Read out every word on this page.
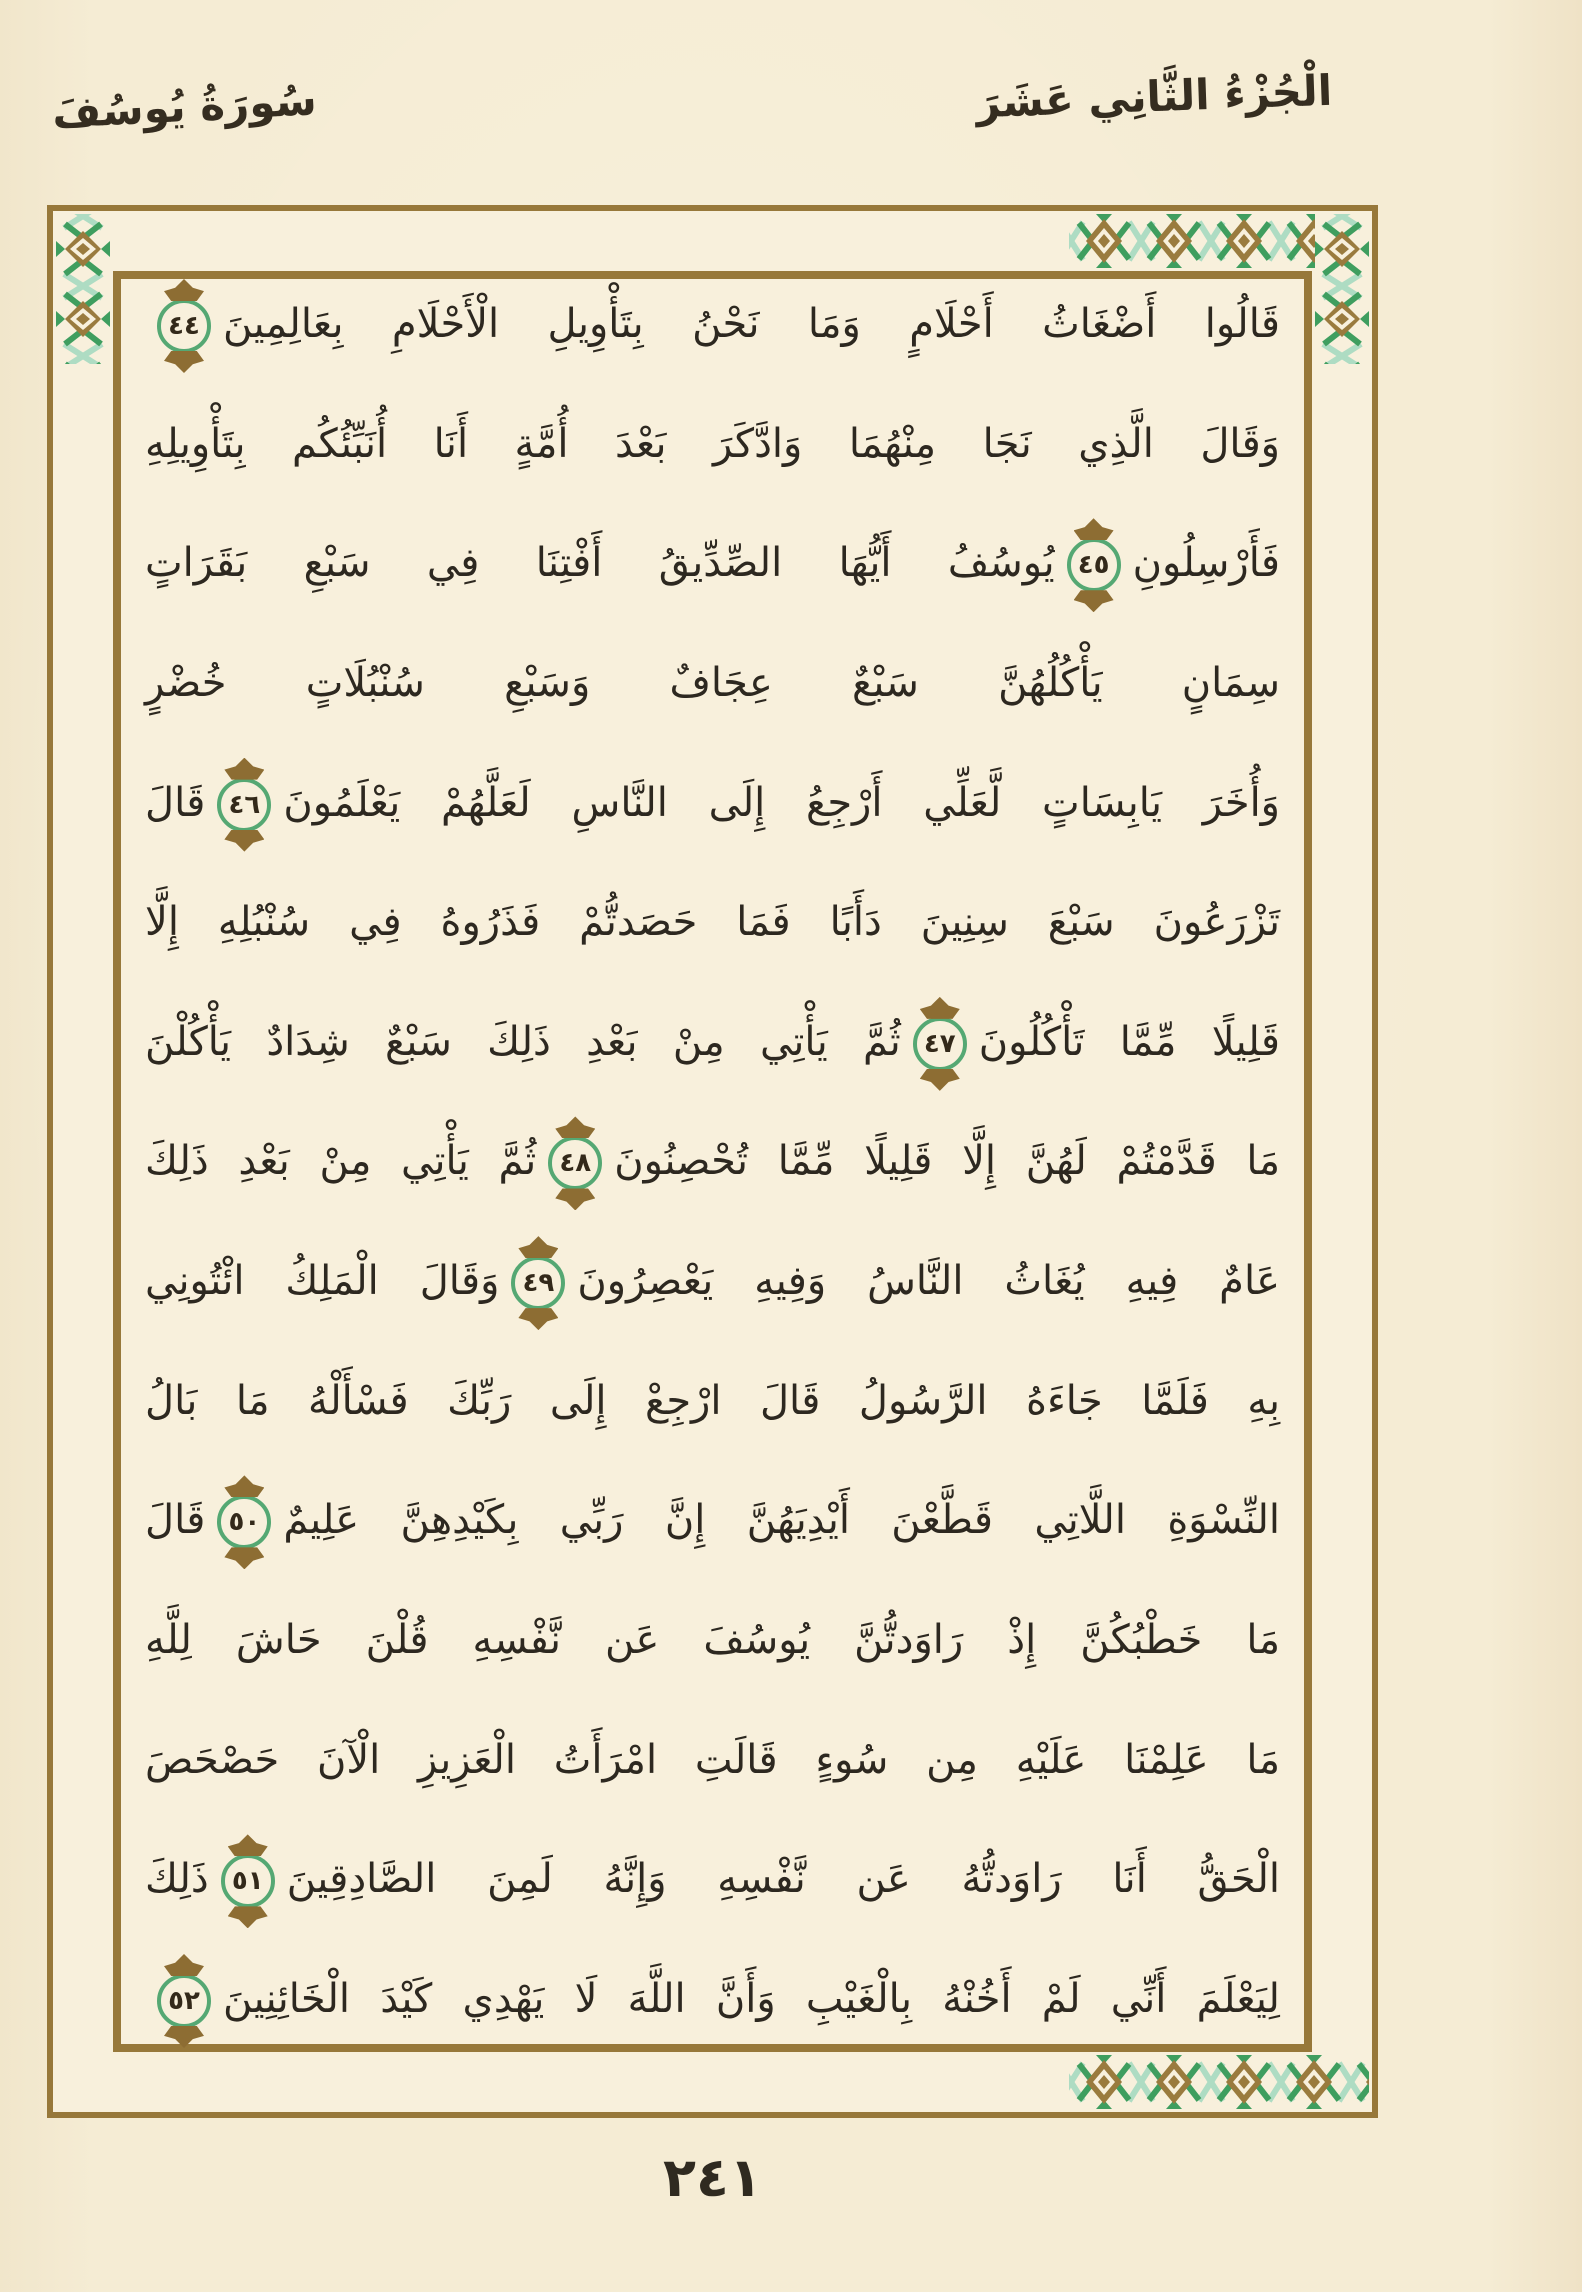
سُورَةُ يُوسُفَ	الْجُزْءُ الثَّانِي عَشَرَ
قَالُوا أَضْغَاثُ أَحْلَامٍ وَمَا نَحْنُ بِتَأْوِيلِ الْأَحْلَامِ بِعَالِمِينَ
٤٤
وَقَالَ الَّذِي نَجَا مِنْهُمَا وَادَّكَرَ بَعْدَ أُمَّةٍ أَنَا أُنَبِّئُكُم بِتَأْوِيلِهِ
فَأَرْسِلُونِ
٤٥
يُوسُفُ أَيُّهَا الصِّدِّيقُ أَفْتِنَا فِي سَبْعِ بَقَرَاتٍ
سِمَانٍ يَأْكُلُهُنَّ سَبْعٌ عِجَافٌ وَسَبْعِ سُنْبُلَاتٍ خُضْرٍ
وَأُخَرَ يَابِسَاتٍ لَّعَلِّي أَرْجِعُ إِلَى النَّاسِ لَعَلَّهُمْ يَعْلَمُونَ
٤٦
قَالَ
تَزْرَعُونَ سَبْعَ سِنِينَ دَأَبًا فَمَا حَصَدتُّمْ فَذَرُوهُ فِي سُنْبُلِهِ إِلَّا
قَلِيلًا مِّمَّا تَأْكُلُونَ
٤٧
ثُمَّ يَأْتِي مِنْ بَعْدِ ذَلِكَ سَبْعٌ شِدَادٌ يَأْكُلْنَ
مَا قَدَّمْتُمْ لَهُنَّ إِلَّا قَلِيلًا مِّمَّا تُحْصِنُونَ
٤٨
ثُمَّ يَأْتِي مِنْ بَعْدِ ذَلِكَ
عَامٌ فِيهِ يُغَاثُ النَّاسُ وَفِيهِ يَعْصِرُونَ
٤٩
وَقَالَ الْمَلِكُ ائْتُونِي
بِهِ فَلَمَّا جَاءَهُ الرَّسُولُ قَالَ ارْجِعْ إِلَى رَبِّكَ فَسْأَلْهُ مَا بَالُ
النِّسْوَةِ اللَّاتِي قَطَّعْنَ أَيْدِيَهُنَّ إِنَّ رَبِّي بِكَيْدِهِنَّ عَلِيمٌ
٥٠
قَالَ
مَا خَطْبُكُنَّ إِذْ رَاوَدتُّنَّ يُوسُفَ عَن نَّفْسِهِ قُلْنَ حَاشَ لِلَّهِ
مَا عَلِمْنَا عَلَيْهِ مِن سُوءٍ قَالَتِ امْرَأَتُ الْعَزِيزِ الْآنَ حَصْحَصَ
الْحَقُّ أَنَا رَاوَدتُّهُ عَن نَّفْسِهِ وَإِنَّهُ لَمِنَ الصَّادِقِينَ
٥١
ذَلِكَ
لِيَعْلَمَ أَنِّي لَمْ أَخُنْهُ بِالْغَيْبِ وَأَنَّ اللَّهَ لَا يَهْدِي كَيْدَ الْخَائِنِينَ
٥٢
٢٤١
